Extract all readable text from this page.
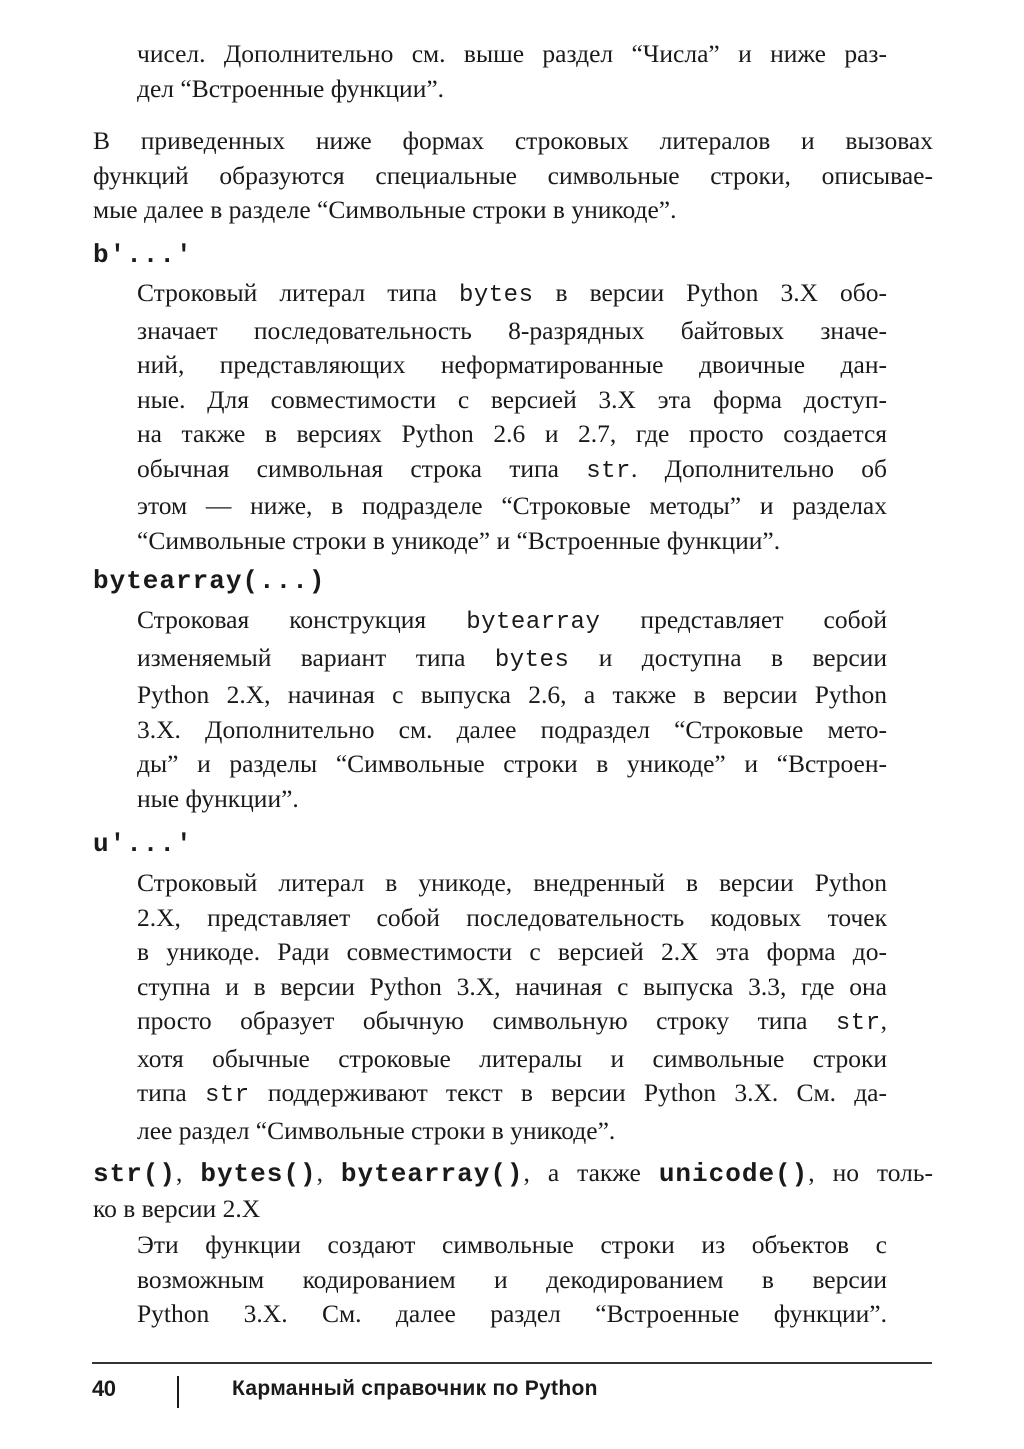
чисел. Дополнительно см. выше раздел “Числа” и ниже раз-
дел “Встроенные функции”.

В приведенных ниже формах строковых литералов и вызовах
функций образуются специальные символьные строки, описывае-
мые далее в разделе “Символьные строки в уникоде”.

b'...'

Строковый литерал типа bytes в версии Python 3.X обо-
значает последовательность 8-разрядных байтовых значе-
ний, представляющих неформатированные двоичные дан-
ные. Для совместимости с версией 3.X эта форма доступ-
на также в версиях Python 2.6 и 2.7, где просто создается
обычная символьная строка типа str. Дополнительно об
этом — ниже, в подразделе “Строковые методы” и разделах
“Символьные строки в уникоде” и “Встроенные функции”.

bytearray(...)

Строковая конструкция bytearray представляет собой
изменяемый вариант типа bytes и доступна в версии
Python 2.X, начиная с выпуска 2.6, а также в версии Python
3.X. Дополнительно см. далее подраздел “Строковые мето-
ды” и разделы “Символьные строки в уникоде” и “Встроен-
ные функции”.

u'...'

Строковый литерал в уникоде, внедренный в версии Python
2.X, представляет собой последовательность кодовых точек
в уникоде. Ради совместимости с версией 2.X эта форма до-
ступна и в версии Python 3.X, начиная с выпуска 3.3, где она
просто образует обычную символьную строку типа str,
хотя обычные строковые литералы и символьные строки
типа str поддерживают текст в версии Python 3.X. См. да-
лее раздел “Символьные строки в уникоде”.

str(), bytes(), bytearray(), а также unicode(), но толь-
ко в версии 2.X

Эти функции создают символьные строки из объектов с
возможным кодированием и декодированием в версии
Python 3.X. См. далее раздел “Встроенные функции”.

40	Карманный справочник по Python
